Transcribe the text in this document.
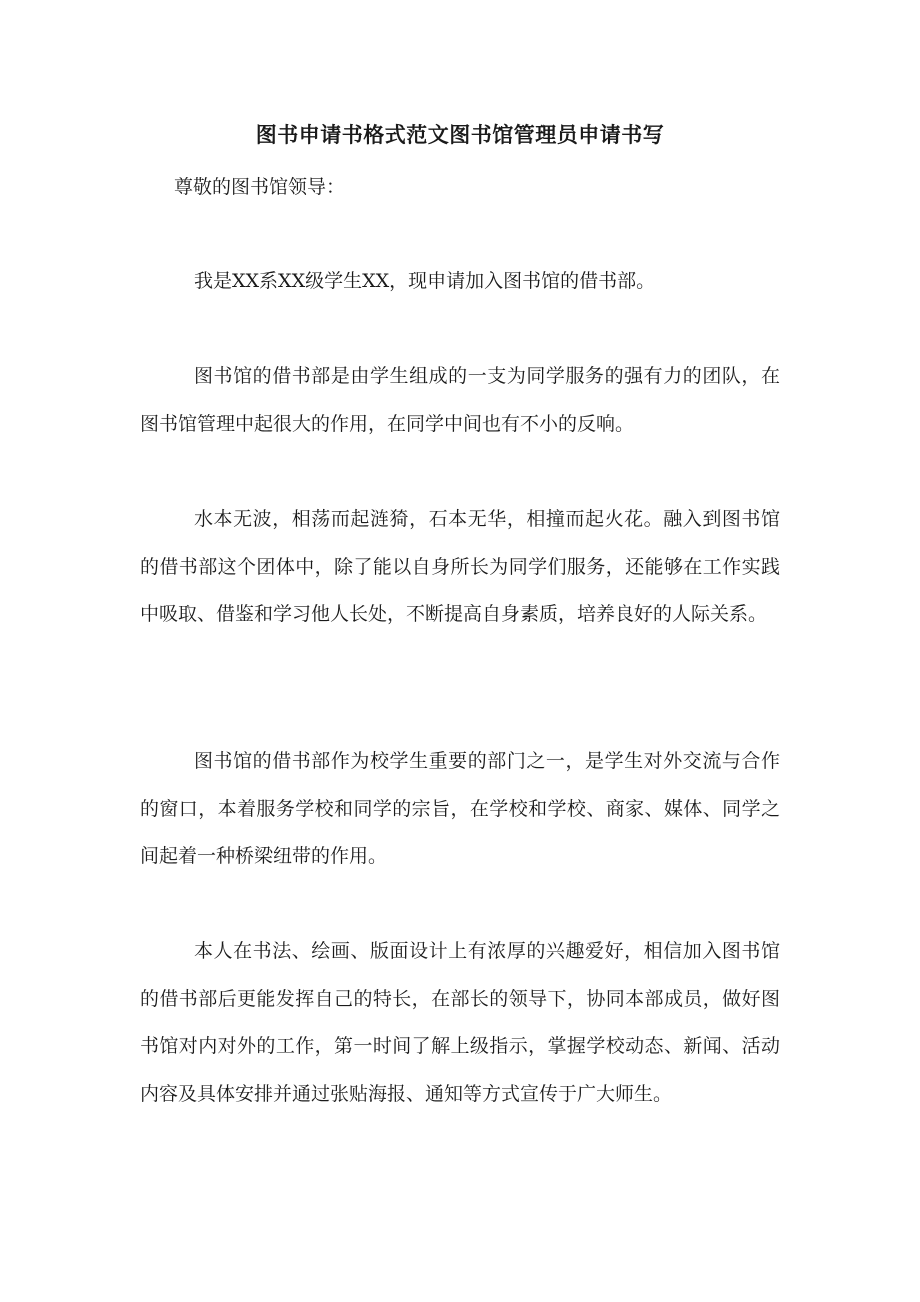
图书申请书格式范文图书馆管理员申请书写
尊敬的图书馆领导：

我是XX系XX级学生XX，现申请加入图书馆的借书部。

图书馆的借书部是由学生组成的一支为同学服务的强有力的团队，在图书馆管理中起很大的作用，在同学中间也有不小的反响。

水本无波，相荡而起涟猗，石本无华，相撞而起火花。融入到图书馆的借书部这个团体中，除了能以自身所长为同学们服务，还能够在工作实践中吸取、借鉴和学习他人长处，不断提高自身素质，培养良好的人际关系。

图书馆的借书部作为校学生重要的部门之一，是学生对外交流与合作的窗口，本着服务学校和同学的宗旨，在学校和学校、商家、媒体、同学之间起着一种桥梁纽带的作用。

本人在书法、绘画、版面设计上有浓厚的兴趣爱好，相信加入图书馆的借书部后更能发挥自己的特长，在部长的领导下，协同本部成员，做好图书馆对内对外的工作，第一时间了解上级指示，掌握学校动态、新闻、活动内容及具体安排并通过张贴海报、通知等方式宣传于广大师生。
